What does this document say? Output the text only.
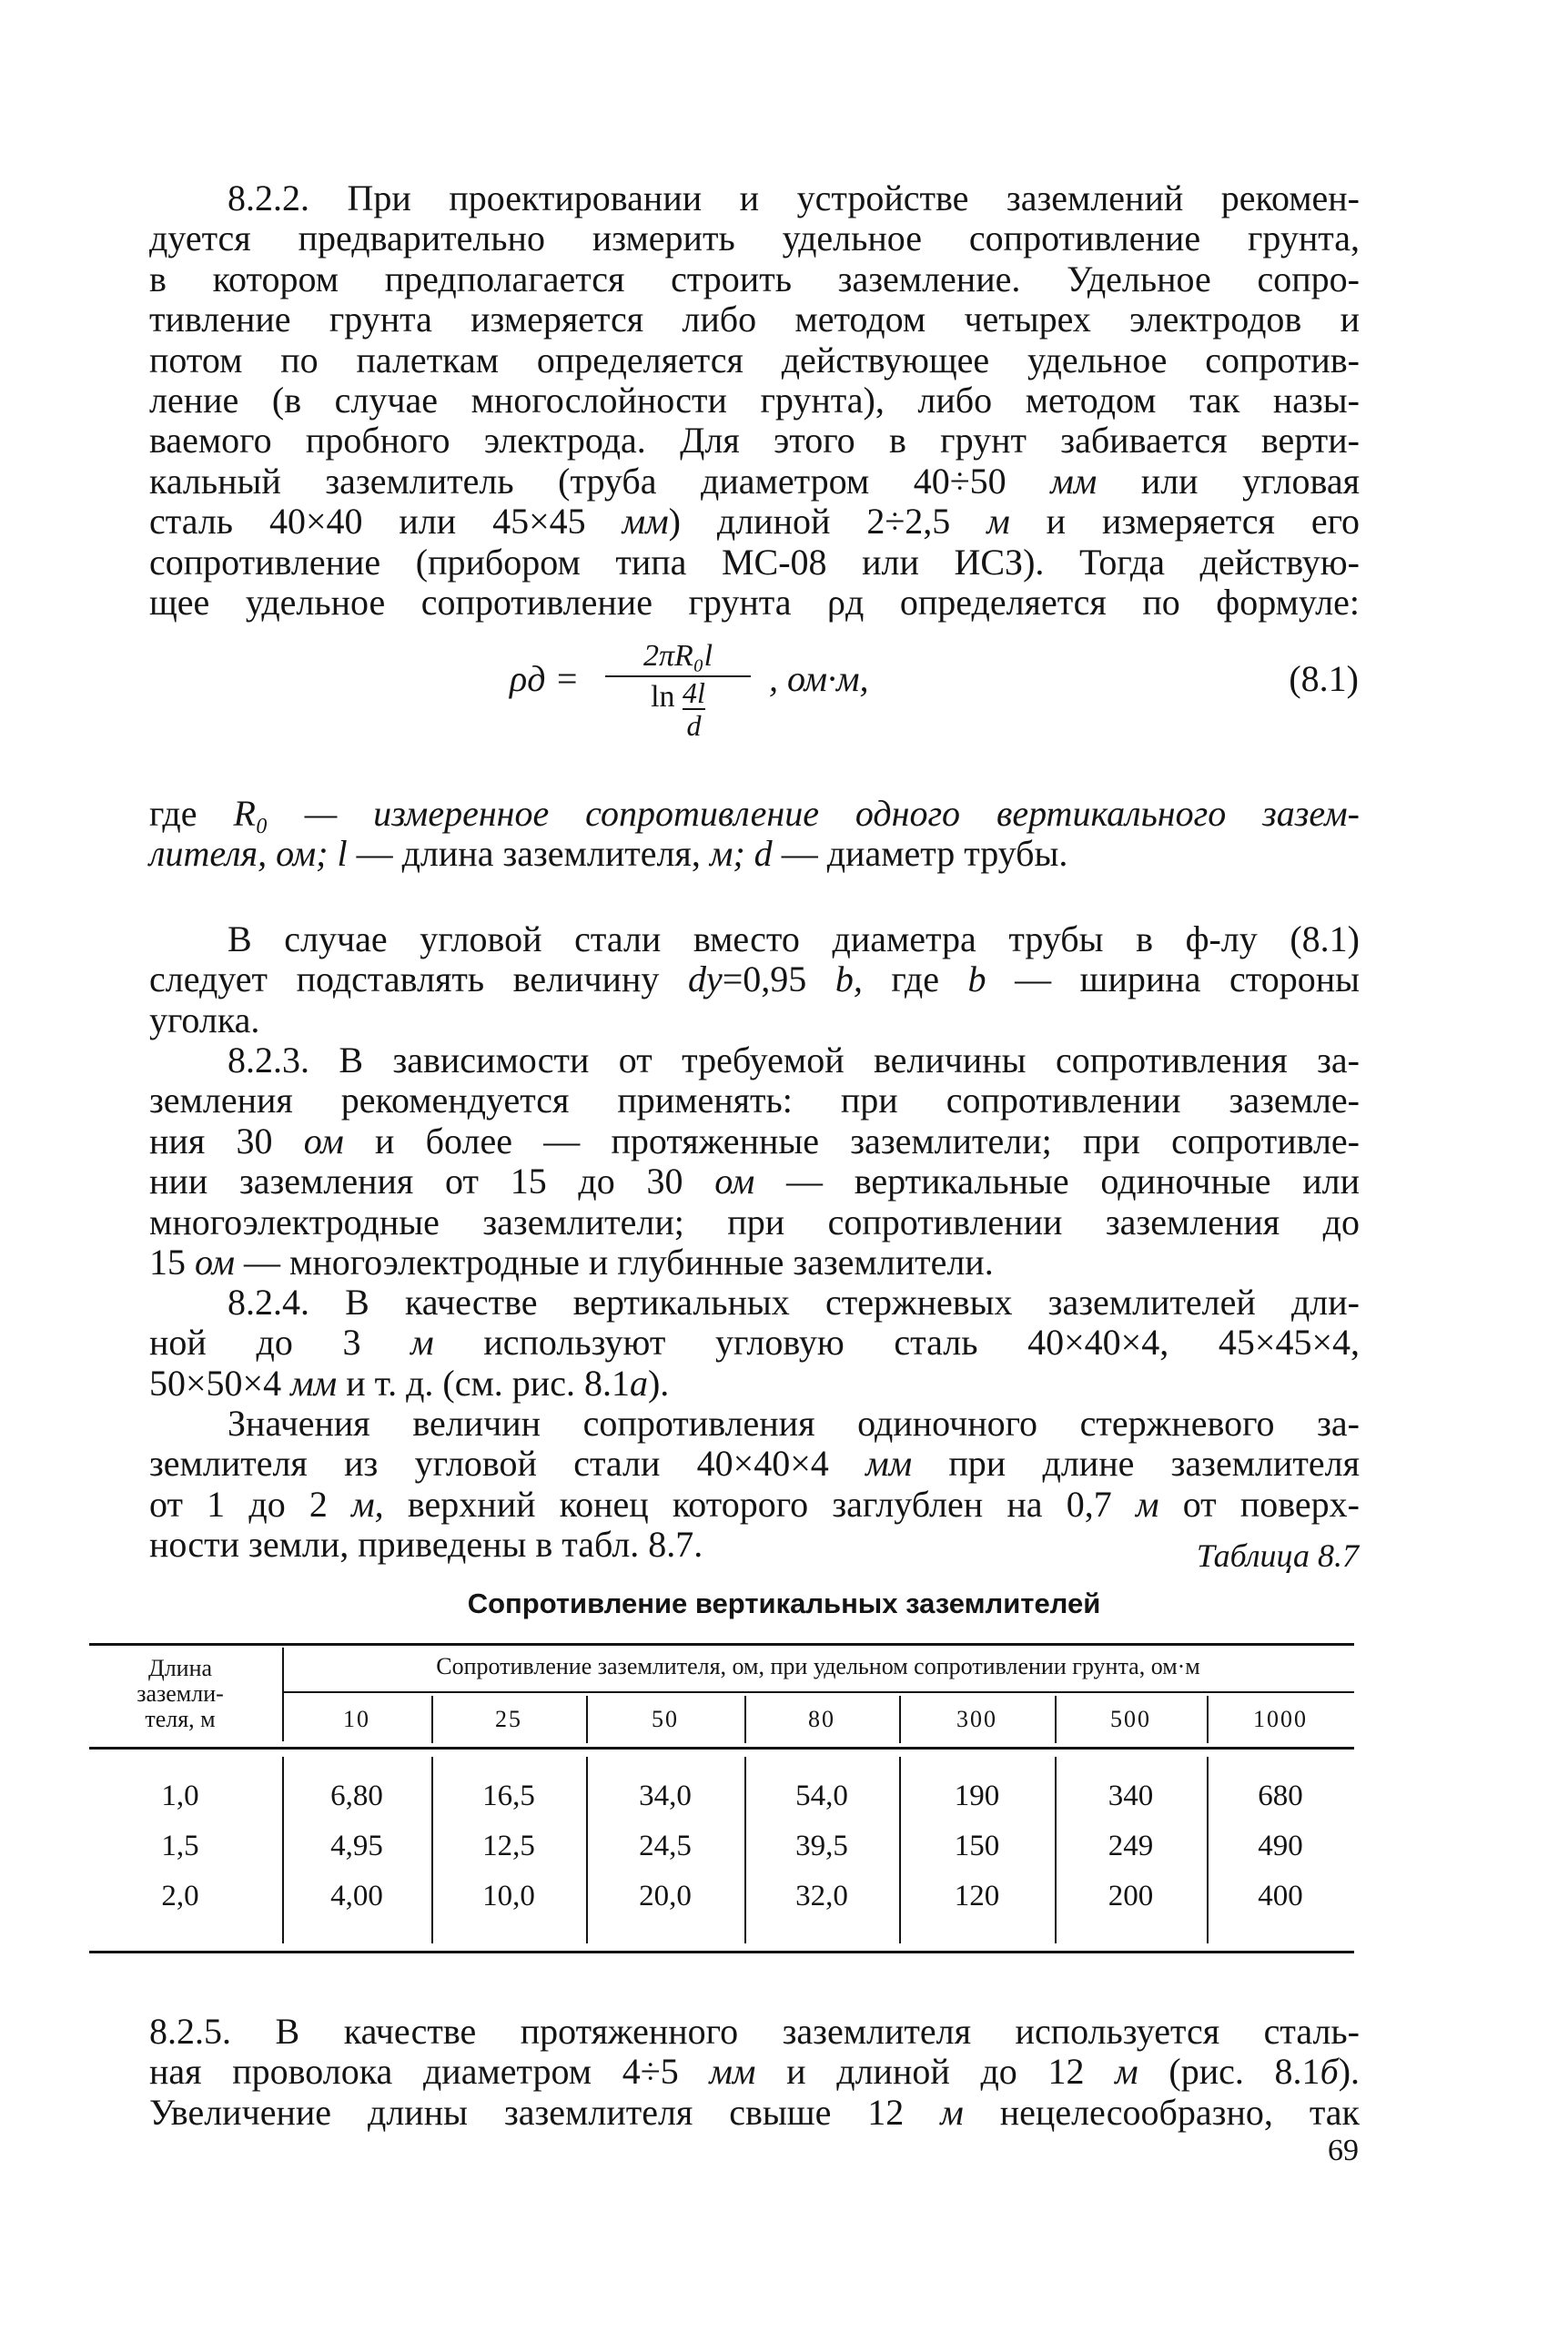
8.2.2. При проектировании и устройстве заземлений рекомен-
дуется предварительно измерить удельное сопротивление грунта,
в котором предполагается строить заземление. Удельное сопро-
тивление грунта измеряется либо методом четырех электродов и
потом по палеткам определяется действующее удельное сопротив-
ление (в случае многослойности грунта), либо методом так назы-
ваемого пробного электрода. Для этого в грунт забивается верти-
кальный заземлитель (труба диаметром 40÷50 мм или угловая
сталь 40×40 или 45×45 мм) длиной 2÷2,5 м и измеряется его
сопротивление (прибором типа МС-08 или ИСЗ). Тогда действую-
щее удельное сопротивление грунта ρд определяется по формуле:
ρд =
2πR₀l
$\ln \frac{4l}{d}$ , ом·м,	(8.1)
где R₀ — измеренное сопротивление одного вертикального зазем-
лителя, ом; l — длина заземлителя, м; d — диаметр трубы.
В случае угловой стали вместо диаметра трубы в ф-лу (8.1)
следует подставлять величину dу=0,95 b, где b — ширина стороны
уголка.
8.2.3. В зависимости от требуемой величины сопротивления за-
земления рекомендуется применять: при сопротивлении заземле-
ния 30 ом и более — протяженные заземлители; при сопротивле-
нии заземления от 15 до 30 ом — вертикальные одиночные или
многоэлектродные заземлители; при сопротивлении заземления до
15 ом — многоэлектродные и глубинные заземлители.
8.2.4. В качестве вертикальных стержневых заземлителей дли-
ной до 3 м используют угловую сталь 40×40×4, 45×45×4,
50×50×4 мм и т. д. (см. рис. 8.1а).
Значения величин сопротивления одиночного стержневого за-
землителя из угловой стали 40×40×4 мм при длине заземлителя
от 1 до 2 м, верхний конец которого заглублен на 0,7 м от поверх-
ности земли, приведены в табл. 8.7.	Таблица 8.7
Сопротивление вертикальных заземлителей
Длина заземли-теля, м
Сопротивление заземлителя, ом, при удельном сопротивлении грунта, ом·м
10	25	50	80	300	500	1000
1,0	6,80	16,5	34,0	54,0	190	340	680
1,5	4,95	12,5	24,5	39,5	150	249	490
2,0	4,00	10,0	20,0	32,0	120	200	400
8.2.5. В качестве протяженного заземлителя используется сталь-
ная проволока диаметром 4÷5 мм и длиной до 12 м (рис. 8.1б).
Увеличение длины заземлителя свыше 12 м нецелесообразно, так
69
